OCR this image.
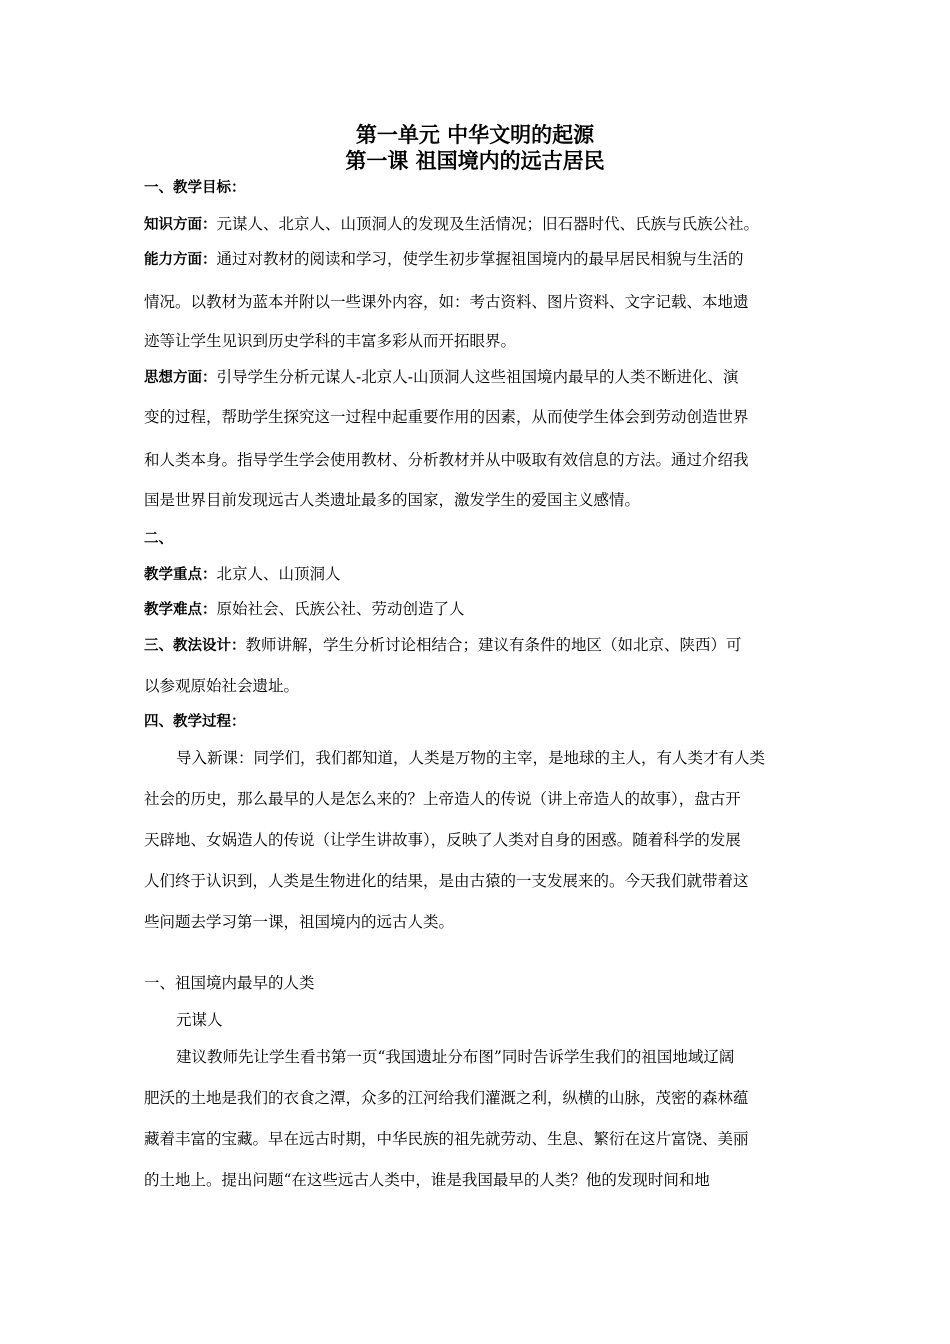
第一单元 中华文明的起源
第一课 祖国境内的远古居民
一、教学目标：
知识方面：元谋人、北京人、山顶洞人的发现及生活情况；旧石器时代、氏族与氏族公社。
能力方面：通过对教材的阅读和学习，使学生初步掌握祖国境内的最早居民相貌与生活的
情况。以教材为蓝本并附以一些课外内容，如：考古资料、图片资料、文字记载、本地遗
迹等让学生见识到历史学科的丰富多彩从而开拓眼界。
思想方面：引导学生分析元谋人-北京人-山顶洞人这些祖国境内最早的人类不断进化、演
变的过程，帮助学生探究这一过程中起重要作用的因素，从而使学生体会到劳动创造世界
和人类本身。指导学生学会使用教材、分析教材并从中吸取有效信息的方法。通过介绍我
国是世界目前发现远古人类遗址最多的国家，激发学生的爱国主义感情。
二、
教学重点：北京人、山顶洞人
教学难点：原始社会、氏族公社、劳动创造了人
三、教法设计：教师讲解，学生分析讨论相结合；建议有条件的地区（如北京、陕西）可
以参观原始社会遗址。
四、教学过程：
导入新课：同学们，我们都知道，人类是万物的主宰，是地球的主人，有人类才有人类
社会的历史，那么最早的人是怎么来的？上帝造人的传说（讲上帝造人的故事），盘古开
天辟地、女娲造人的传说（让学生讲故事），反映了人类对自身的困惑。随着科学的发展
人们终于认识到，人类是生物进化的结果，是由古猿的一支发展来的。今天我们就带着这
些问题去学习第一课，祖国境内的远古人类。
一、祖国境内最早的人类
元谋人
建议教师先让学生看书第一页“我国遗址分布图”同时告诉学生我们的祖国地域辽阔
肥沃的土地是我们的衣食之潭，众多的江河给我们灌溉之利，纵横的山脉，茂密的森林蕴
藏着丰富的宝藏。早在远古时期，中华民族的祖先就劳动、生息、繁衍在这片富饶、美丽
的土地上。提出问题“在这些远古人类中，谁是我国最早的人类？他的发现时间和地
